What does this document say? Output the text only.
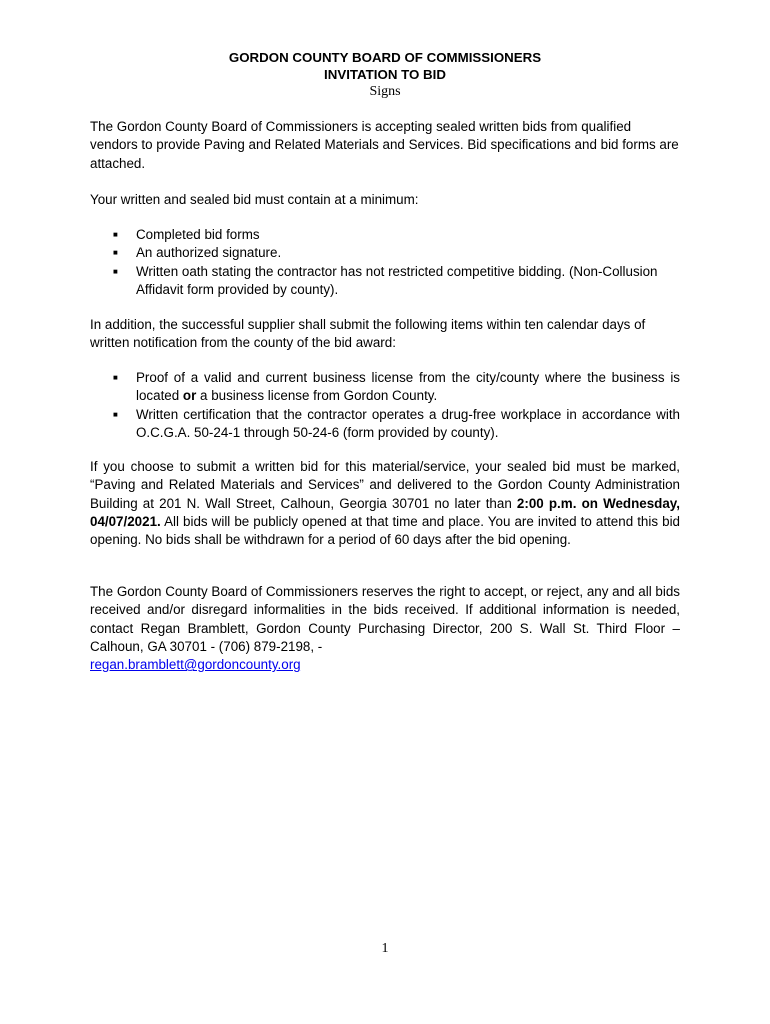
GORDON COUNTY BOARD OF COMMISSIONERS
INVITATION TO BID
Signs
The Gordon County Board of Commissioners is accepting sealed written bids from qualified vendors to provide Paving and Related Materials and Services. Bid specifications and bid forms are attached.
Your written and sealed bid must contain at a minimum:
■	Completed bid forms
■	An authorized signature.
■	Written oath stating the contractor has not restricted competitive bidding. (Non-Collusion Affidavit form provided by county).
In addition, the successful supplier shall submit the following items within ten calendar days of written notification from the county of the bid award:
■	Proof of a valid and current business license from the city/county where the business is located or a business license from Gordon County.
■	Written certification that the contractor operates a drug-free workplace in accordance with O.C.G.A. 50-24-1 through 50-24-6 (form provided by county).
If you choose to submit a written bid for this material/service, your sealed bid must be marked, “Paving and Related Materials and Services” and delivered to the Gordon County Administration Building at 201 N. Wall Street, Calhoun, Georgia 30701 no later than 2:00 p.m. on Wednesday, 04/07/2021. All bids will be publicly opened at that time and place. You are invited to attend this bid opening. No bids shall be withdrawn for a period of 60 days after the bid opening.
The Gordon County Board of Commissioners reserves the right to accept, or reject, any and all bids received and/or disregard informalities in the bids received. If additional information is needed, contact Regan Bramblett, Gordon County Purchasing Director, 200 S. Wall St. Third Floor – Calhoun, GA 30701 - (706) 879-2198, -
regan.bramblett@gordoncounty.org
1
